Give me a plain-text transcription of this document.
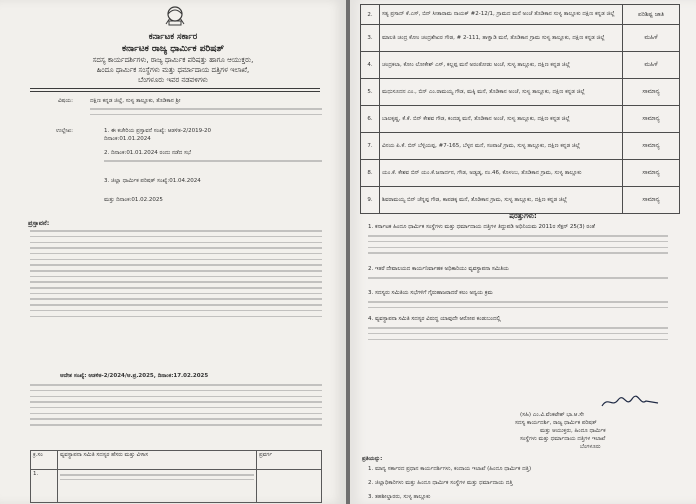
ಕರ್ನಾಟಕ ಸರ್ಕಾರ
ಕರ್ನಾಟಕ ರಾಜ್ಯ ಧಾರ್ಮಿಕ ಪರಿಷತ್
ಸದಸ್ಯ ಕಾರ್ಯದರ್ಶಿಗಳು, ರಾಜ್ಯ ಧಾರ್ಮಿಕ ಪರಿಷತ್ತು ಹಾಗೂ ಆಯುಕ್ತರು,
ಹಿಂದೂ ಧಾರ್ಮಿಕ ಸಂಸ್ಥೆಗಳು ಮತ್ತು ಧರ್ಮಾದಾಯ ದತ್ತಿಗಳ ಇಲಾಖೆ,
ಬೆಂಗಳೂರು ಇವರ ನಡವಳಿಗಳು
ವಿಷಯ:	ದಕ್ಷಿಣ ಕನ್ನಡ ಜಿಲ್ಲೆ, ಸುಳ್ಯ ತಾಲ್ಲೂಕು, ತೊಡಿಕಾನ ಶ್ರೀ
ಉಲ್ಲೇಖ:	1. ಈ ಕಚೇರಿಯ ಪ್ರಸ್ತಾವನೆ ಸಂಖ್ಯೆ: ಆಡಳಿತ-2/2019-20
ದಿನಾಂಕ:01.01.2024
2. ದಿನಾಂಕ:01.01.2024 ರಂದು ನಡೆದ ಸಭೆ
3. ಜಿಲ್ಲಾ ಧಾರ್ಮಿಕ ಪರಿಷತ್ ಸಂಖ್ಯೆ:01.04.2024
ಮತ್ತು ದಿನಾಂಕ:01.02.2025
ಪ್ರಸ್ತಾವನೆ:
ಆದೇಶ ಸಂಖ್ಯೆ: ಆಡಳಿತ-2/2024/ಆ.ಪ್ರ.2025, ದಿನಾಂಕ:17.02.2025
ಕ್ರ.ಸಂ	ವ್ಯವಸ್ಥಾಪನಾ ಸಮಿತಿ ಸದಸ್ಯರ ಹೆಸರು ಮತ್ತು ವಿಳಾಸ	ಪ್ರವರ್ಗ
1.	

2.	ಸತ್ಯ ಪ್ರಸಾದ್ ಕೆ.ಎಸ್, ಬಿನ್ ಸೀತಾರಾಮ ನಾಯಕ್ #2-12/1, ಗ್ರಾಮದ ಮನೆ ಅಂಚೆ ತೊಡಿಕಾನ ಸುಳ್ಯ ತಾಲ್ಲೂಕು ದಕ್ಷಿಣ ಕನ್ನಡ ಜಿಲ್ಲೆ	ಪರಿಶಿಷ್ಟ ಜಾತಿ
3.	ಮಾಲತಿ ಚಂದ್ರ ಕೋಂ ಚಂದ್ರಶೇಖರ ಗೌಡ, # 2-111, ತಾಳ್ವಾಡಿ ಮನೆ, ತೊಡಿಕಾನ ಗ್ರಾಮ ಸುಳ್ಯ ತಾಲ್ಲೂಕು, ದಕ್ಷಿಣ ಕನ್ನಡ ಜಿಲ್ಲೆ	ಮಹಿಳೆ
4.	ಚಂದ್ರಕಲಾ, ಕೋಂ ಲೋಕೇಶ್ ಎಸ್, ಕಲ್ಲಪ್ಪ ಮನೆ ಅರಂತೋಡು ಅಂಚೆ, ಸುಳ್ಯ ತಾಲ್ಲೂಕು, ದಕ್ಷಿಣ ಕನ್ನಡ ಜಿಲ್ಲೆ	ಮಹಿಳೆ
5.	ಮಧುಸೂದನ ಎಂ., ಬಿನ್ ಎಂ.ರಾಮಯ್ಯ ಗೌಡ, ಮಕ್ಕಿ ಮನೆ, ತೊಡಿಕಾನ ಅಂಚೆ, ಸುಳ್ಯ ತಾಲ್ಲೂಕು, ದಕ್ಷಿಣ ಕನ್ನಡ ಜಿಲ್ಲೆ	ಸಾಮಾನ್ಯ
6.	ಬಾಲಕೃಷ್ಣ, ಕೆ.ಕೆ. ಬಿನ್ ಕೇಶವ ಗೌಡ, ಕಂದಡ್ಕ ಮನೆ, ತೊಡಿಕಾನ ಅಂಚೆ, ಸುಳ್ಯ ತಾಲ್ಲೂಕು, ದಕ್ಷಿಣ ಕನ್ನಡ ಜಿಲ್ಲೆ	ಸಾಮಾನ್ಯ
7.	ವಿನಯ ಪಿ.ಕೆ. ಬಿನ್ ಬೆಳ್ಳಿಯಪ್ಪ, #7-165, ಬೆಳ್ಳನ ಮನೆ, ಸಂಪಾಜೆ ಗ್ರಾಮ, ಸುಳ್ಯ ತಾಲ್ಲೂಕು, ದಕ್ಷಿಣ ಕನ್ನಡ ಜಿಲ್ಲೆ	ಸಾಮಾನ್ಯ
8.	ಯಂ.ಕೆ. ಕೇಶವ ಬಿನ್ ಯಂ.ಕೆ.ಜನಾರ್ದನ, ಗೌಡ, ಅಡ್ಯಡ್ಕ, ನಂ.46, ಕೊಳಂಬ, ತೊಡಿಕಾನ ಗ್ರಾಮ, ಸುಳ್ಯ ತಾಲ್ಲೂಕು	ಸಾಮಾನ್ಯ
9.	ಶಿವರಾಮಯ್ಯ ಬಿನ್ ಚೆನ್ನಪ್ಪ ಗೌಡ, ಕಾಪಡಕ್ಕ ಮನೆ, ತೊಡಿಕಾನ ಗ್ರಾಮ, ಸುಳ್ಯ ತಾಲ್ಲೂಕು, ದಕ್ಷಿಣ ಕನ್ನಡ ಜಿಲ್ಲೆ	ಸಾಮಾನ್ಯ
ಷರತ್ತುಗಳು:
1. ಕರ್ನಾಟಕ ಹಿಂದೂ ಧಾರ್ಮಿಕ ಸಂಸ್ಥೆಗಳು ಮತ್ತು ಧರ್ಮಾದಾಯ ದತ್ತಿಗಳ ತಿದ್ದುಪಡಿ ಅಧಿನಿಯಮ 2011ರ ಸೆಕ್ಷನ್ 25(3) ರಂತೆ
2. ಇತರೆ ದೇವಾಲಯದ ಕಾರ್ಯನಿರ್ವಾಹಕ ಅಧಿಕಾರಿಯು ವ್ಯವಸ್ಥಾಪನಾ ಸಮಿತಿಯ
3. ಸದಸ್ಯರು ಸಮಿತಿಯ ಸಭೆಗಳಿಗೆ ಗೈರುಹಾಜರಾದರೆ ಕಲಂ ಅನ್ವಯ ಕ್ರಮ
4. ವ್ಯವಸ್ಥಾಪನಾ ಸಮಿತಿ ಸದಸ್ಯರ ವಿರುದ್ಧ ಯಾವುದೇ ಆರೋಪ ಕಂಡುಬಂದಲ್ಲಿ
(ಸಹಿ) ಎಂ.ವಿ.ವೆಂಕಟೇಶ್ ಭಾ.ಆ.ಸೇ
ಸದಸ್ಯ ಕಾರ್ಯದರ್ಶಿ, ರಾಜ್ಯ ಧಾರ್ಮಿಕ ಪರಿಷತ್
ಮತ್ತು ಆಯುಕ್ತರು, ಹಿಂದೂ ಧಾರ್ಮಿಕ
ಸಂಸ್ಥೆಗಳು ಮತ್ತು ಧರ್ಮಾದಾಯ ದತ್ತಿಗಳ ಇಲಾಖೆ
ಬೆಂಗಳೂರು
ಪ್ರತಿಯನ್ನು:
1. ಮಾನ್ಯ ಸರ್ಕಾರದ ಪ್ರಧಾನ ಕಾರ್ಯದರ್ಶಿಗಳು, ಕಂದಾಯ ಇಲಾಖೆ (ಹಿಂದೂ ಧಾರ್ಮಿಕ ದತ್ತಿ)
2. ಜಿಲ್ಲಾಧಿಕಾರಿಗಳು ಮತ್ತು ಹಿಂದೂ ಧಾರ್ಮಿಕ ಸಂಸ್ಥೆಗಳ ಮತ್ತು ಧರ್ಮಾದಾಯ ದತ್ತಿ
3. ತಹಶೀಲ್ದಾರರು, ಸುಳ್ಯ ತಾಲ್ಲೂಕು
